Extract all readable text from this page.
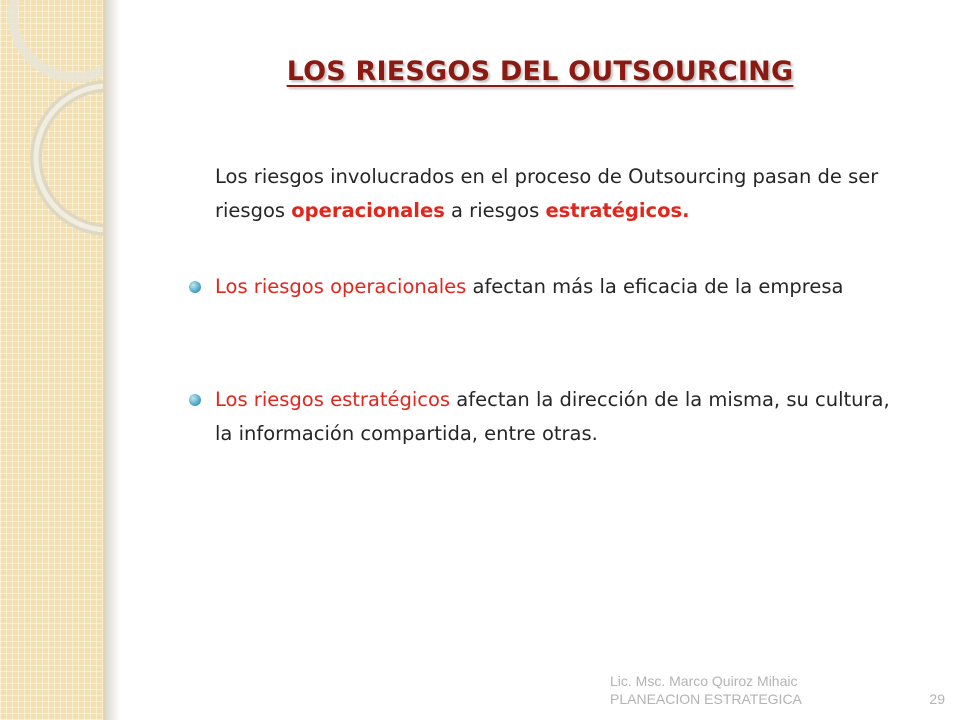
LOS RIESGOS DEL OUTSOURCING
Los riesgos involucrados en el proceso de Outsourcing pasan de ser riesgos operacionales a riesgos estratégicos.
Los riesgos operacionales afectan más la eficacia de la empresa
Los riesgos estratégicos afectan la dirección de la misma, su cultura, la información compartida, entre otras.
Lic. Msc. Marco Quiroz Mihaic
PLANEACION ESTRATEGICA	29
